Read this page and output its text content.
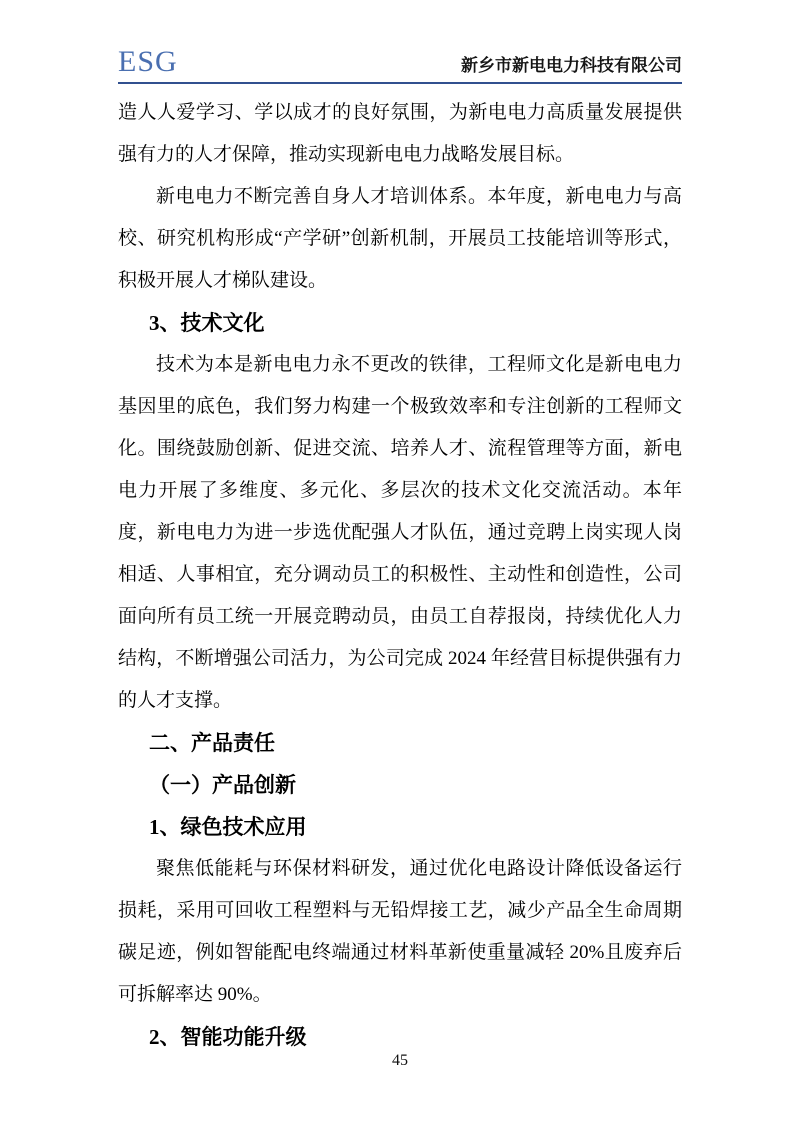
ESG	新乡市新电电力科技有限公司

造人人爱学习、学以成才的良好氛围，为新电电力高质量发展提供强有力的人才保障，推动实现新电电力战略发展目标。

新电电力不断完善自身人才培训体系。本年度，新电电力与高校、研究机构形成“产学研”创新机制，开展员工技能培训等形式，积极开展人才梯队建设。

3、技术文化

技术为本是新电电力永不更改的铁律，工程师文化是新电电力基因里的底色，我们努力构建一个极致效率和专注创新的工程师文化。围绕鼓励创新、促进交流、培养人才、流程管理等方面，新电电力开展了多维度、多元化、多层次的技术文化交流活动。本年度，新电电力为进一步选优配强人才队伍，通过竞聘上岗实现人岗相适、人事相宜，充分调动员工的积极性、主动性和创造性，公司面向所有员工统一开展竞聘动员，由员工自荐报岗，持续优化人力结构，不断增强公司活力，为公司完成 2024 年经营目标提供强有力的人才支撑。

二、产品责任

（一）产品创新

1、绿色技术应用

聚焦低能耗与环保材料研发，通过优化电路设计降低设备运行损耗，采用可回收工程塑料与无铅焊接工艺，减少产品全生命周期碳足迹，例如智能配电终端通过材料革新使重量减轻 20%且废弃后可拆解率达 90%。

2、智能功能升级

45
